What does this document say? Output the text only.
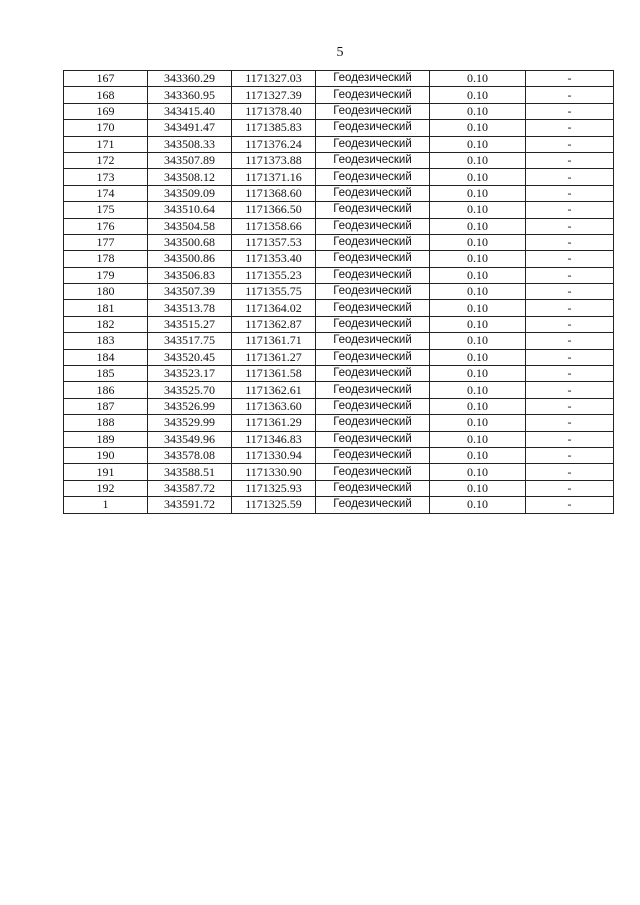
5
167	343360.29	1171327.03	Геодезический	0.10	-
168	343360.95	1171327.39	Геодезический	0.10	-
169	343415.40	1171378.40	Геодезический	0.10	-
170	343491.47	1171385.83	Геодезический	0.10	-
171	343508.33	1171376.24	Геодезический	0.10	-
172	343507.89	1171373.88	Геодезический	0.10	-
173	343508.12	1171371.16	Геодезический	0.10	-
174	343509.09	1171368.60	Геодезический	0.10	-
175	343510.64	1171366.50	Геодезический	0.10	-
176	343504.58	1171358.66	Геодезический	0.10	-
177	343500.68	1171357.53	Геодезический	0.10	-
178	343500.86	1171353.40	Геодезический	0.10	-
179	343506.83	1171355.23	Геодезический	0.10	-
180	343507.39	1171355.75	Геодезический	0.10	-
181	343513.78	1171364.02	Геодезический	0.10	-
182	343515.27	1171362.87	Геодезический	0.10	-
183	343517.75	1171361.71	Геодезический	0.10	-
184	343520.45	1171361.27	Геодезический	0.10	-
185	343523.17	1171361.58	Геодезический	0.10	-
186	343525.70	1171362.61	Геодезический	0.10	-
187	343526.99	1171363.60	Геодезический	0.10	-
188	343529.99	1171361.29	Геодезический	0.10	-
189	343549.96	1171346.83	Геодезический	0.10	-
190	343578.08	1171330.94	Геодезический	0.10	-
191	343588.51	1171330.90	Геодезический	0.10	-
192	343587.72	1171325.93	Геодезический	0.10	-
1	343591.72	1171325.59	Геодезический	0.10	-
